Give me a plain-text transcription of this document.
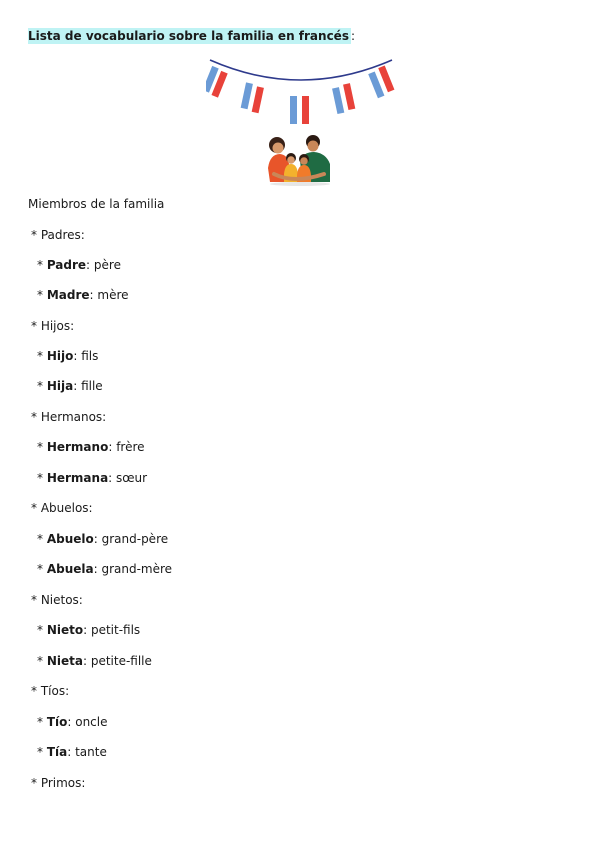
Lista de vocabulario sobre la familia en francés :
Miembros de la familia
* Padres:
* Padre: père
* Madre: mère
* Hijos:
* Hijo: fils
* Hija: fille
* Hermanos:
* Hermano: frère
* Hermana: sœur
* Abuelos:
* Abuelo: grand-père
* Abuela: grand-mère
* Nietos:
* Nieto: petit-fils
* Nieta: petite-fille
* Tíos:
* Tío: oncle
* Tía: tante
* Primos:
